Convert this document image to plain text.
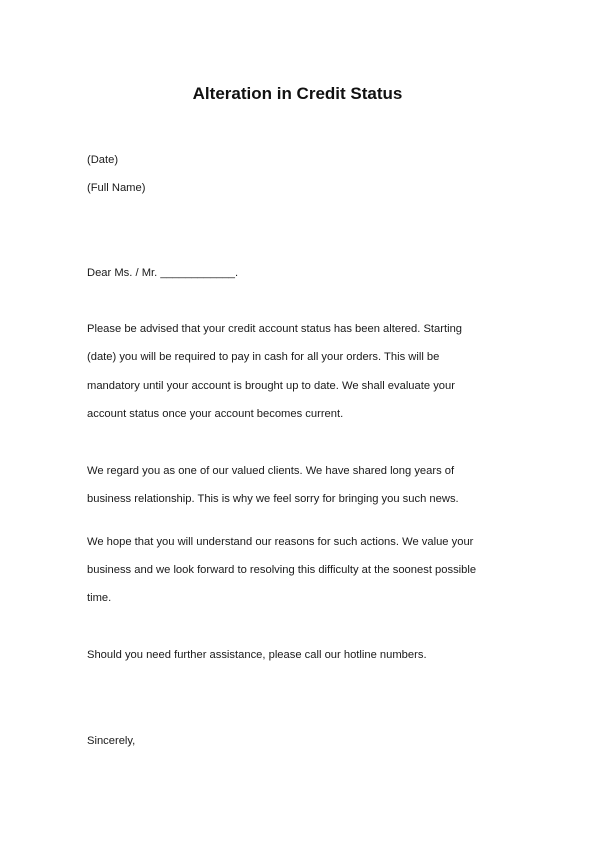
Alteration in Credit Status

(Date)

(Full Name)

Dear Ms. / Mr. ____________.

Please be advised that your credit account status has been altered. Starting

(date) you will be required to pay in cash for all your orders. This will be

mandatory until your account is brought up to date. We shall evaluate your

account status once your account becomes current.

We regard you as one of our valued clients. We have shared long years of

business relationship. This is why we feel sorry for bringing you such news.

We hope that you will understand our reasons for such actions. We value your

business and we look forward to resolving this difficulty at the soonest possible

time.

Should you need further assistance, please call our hotline numbers.

Sincerely,
